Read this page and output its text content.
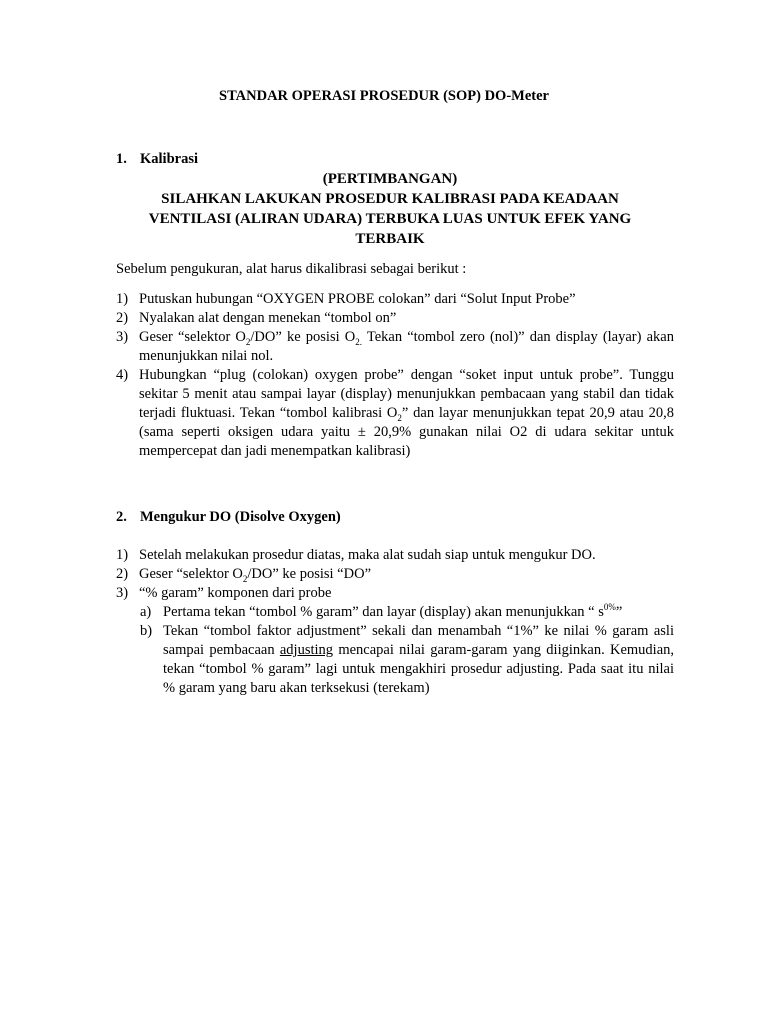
STANDAR OPERASI PROSEDUR (SOP) DO-Meter
1. Kalibrasi
(PERTIMBANGAN)
SILAHKAN LAKUKAN PROSEDUR KALIBRASI PADA KEADAAN
VENTILASI (ALIRAN UDARA) TERBUKA LUAS UNTUK EFEK YANG
TERBAIK
Sebelum pengukuran, alat harus dikalibrasi sebagai berikut :
1) Putuskan hubungan “OXYGEN PROBE colokan” dari “Solut Input Probe”
2) Nyalakan alat dengan menekan “tombol on”
3) Geser “selektor $O_2/DO$” ke posisi $O_{2.}$ Tekan “tombol zero (nol)” dan display (layar) akan menunjukkan nilai nol.
4) Hubungkan “plug (colokan) oxygen probe” dengan “soket input untuk probe”. Tunggu sekitar 5 menit atau sampai layar (display) menunjukkan pembacaan yang stabil dan tidak terjadi fluktuasi. Tekan “tombol kalibrasi $O_2$” dan layar menunjukkan tepat 20,9 atau 20,8 (sama seperti oksigen udara yaitu ± 20,9% gunakan nilai O2 di udara sekitar untuk mempercepat dan jadi menempatkan kalibrasi)
2. Mengukur DO (Disolve Oxygen)
1) Setelah melakukan prosedur diatas, maka alat sudah siap untuk mengukur DO.
2) Geser “selektor $O_2/DO$” ke posisi “DO”
3) “% garam” komponen dari probe
a) Pertama tekan “tombol % garam” dan layar (display) akan menunjukkan “ $s^{0\%}$”
b) Tekan “tombol faktor adjustment” sekali dan menambah “1%” ke nilai % garam asli sampai pembacaan adjusting mencapai nilai garam-garam yang diiginkan. Kemudian, tekan “tombol % garam” lagi untuk mengakhiri prosedur adjusting. Pada saat itu nilai % garam yang baru akan terksekusi (terekam)
